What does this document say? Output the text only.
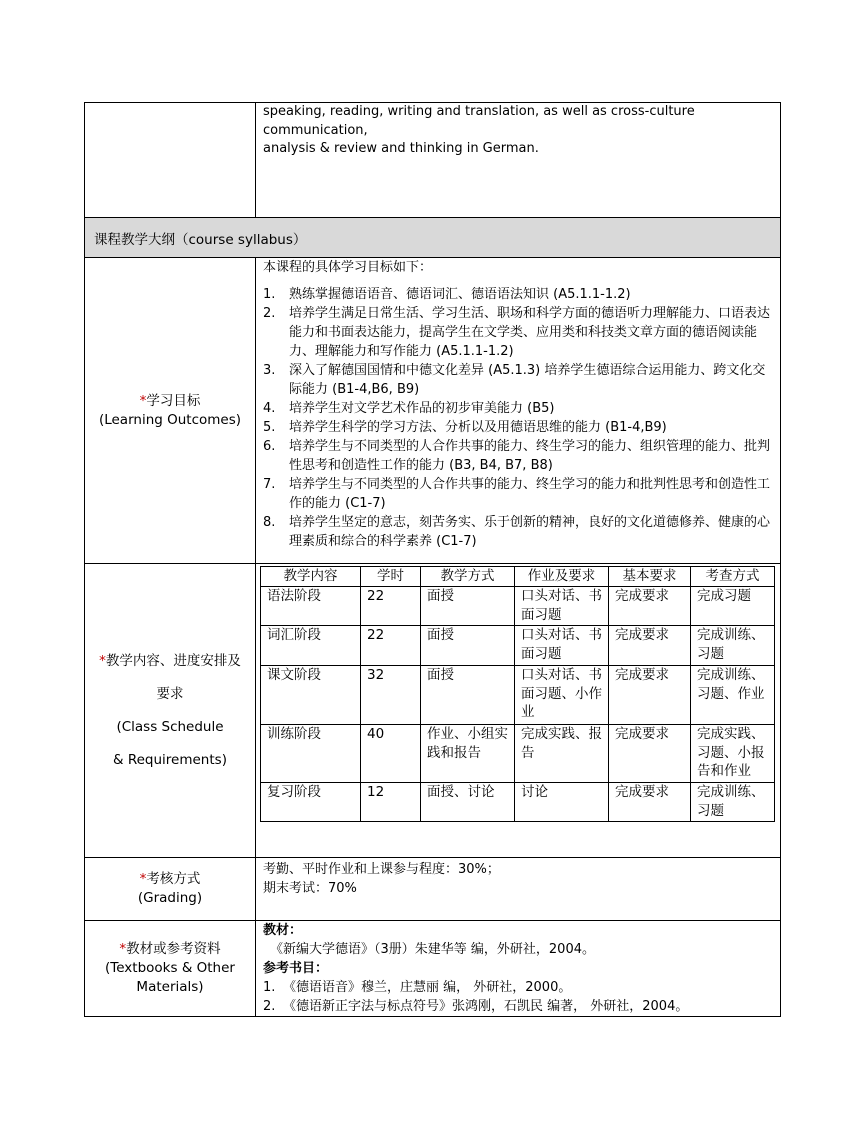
speaking, reading, writing and translation, as well as cross-culture communication,
analysis & review and thinking in German.

课程教学大纲（course syllabus）

*学习目标
(Learning Outcomes)

本课程的具体学习目标如下：
1.	熟练掌握德语语音、德语词汇、德语语法知识 (A5.1.1-1.2)
2.	培养学生满足日常生活、学习生活、职场和科学方面的德语听力理解能力、口语表达能力和书面表达能力，提高学生在文学类、应用类和科技类文章方面的德语阅读能力、理解能力和写作能力 (A5.1.1-1.2)
3.	深入了解德国国情和中德文化差异 (A5.1.3) 培养学生德语综合运用能力、跨文化交际能力 (B1-4,B6, B9)
4.	培养学生对文学艺术作品的初步审美能力 (B5)
5.	培养学生科学的学习方法、分析以及用德语思维的能力 (B1-4,B9)
6.	培养学生与不同类型的人合作共事的能力、终生学习的能力、组织管理的能力、批判性思考和创造性工作的能力 (B3, B4, B7, B8)
7.	培养学生与不同类型的人合作共事的能力、终生学习的能力和批判性思考和创造性工作的能力 (C1-7)
8.	培养学生坚定的意志，刻苦务实、乐于创新的精神，良好的文化道德修养、健康的心理素质和综合的科学素养 (C1-7)

*教学内容、进度安排及
要求
(Class Schedule
& Requirements)

教学内容	学时	教学方式	作业及要求	基本要求	考查方式
语法阶段	22	面授	口头对话、书面习题	完成要求	完成习题
词汇阶段	22	面授	口头对话、书面习题	完成要求	完成训练、习题
课文阶段	32	面授	口头对话、书面习题、小作业	完成要求	完成训练、习题、作业
训练阶段	40	作业、小组实践和报告	完成实践、报告	完成要求	完成实践、习题、小报告和作业
复习阶段	12	面授、讨论	讨论	完成要求	完成训练、习题

*考核方式
(Grading)

考勤、平时作业和上课参与程度：30%；
期末考试：70%

*教材或参考资料
(Textbooks & Other
Materials)

教材：
《新编大学德语》（3册）朱建华等 编，外研社，2004。
参考书目：
1. 《德语语音》穆兰，庄慧丽 编， 外研社，2000。
2. 《德语新正字法与标点符号》张鸿刚，石凯民 编著， 外研社，2004。
